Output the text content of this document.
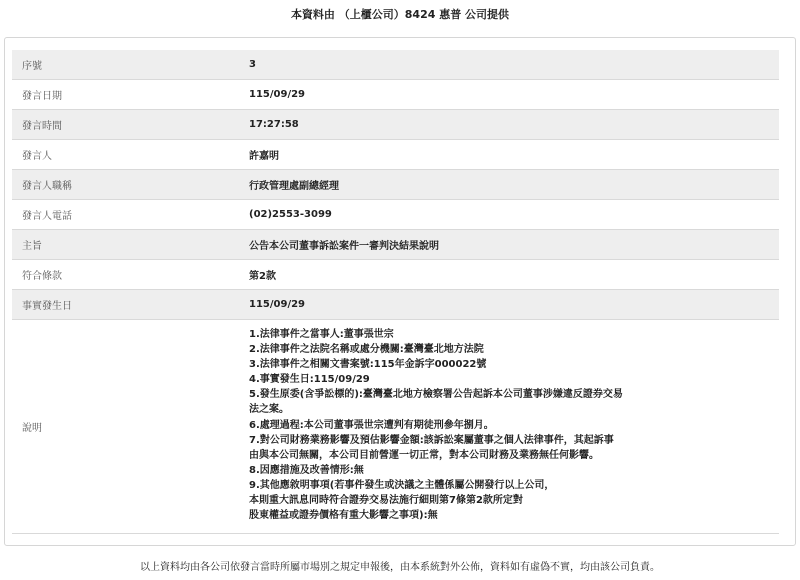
本資料由 （上櫃公司）8424 惠普 公司提供
序號	3
發言日期	115/09/29
發言時間	17:27:58
發言人	許嘉明
發言人職稱	行政管理處副總經理
發言人電話	(02)2553-3099
主旨	公告本公司董事訴訟案件一審判決結果說明
符合條款	第2款
事實發生日	115/09/29
說明
1.法律事件之當事人:董事張世宗
2.法律事件之法院名稱或處分機關:臺灣臺北地方法院
3.法律事件之相關文書案號:115年金訴字000022號
4.事實發生日:115/09/29
5.發生原委(含爭訟標的):臺灣臺北地方檢察署公告起訴本公司董事涉嫌違反證券交易
法之案。
6.處理過程:本公司董事張世宗遭判有期徒刑參年捌月。
7.對公司財務業務影響及預估影響金額:該訴訟案屬董事之個人法律事件，其起訴事
由與本公司無關，本公司目前營運一切正常，對本公司財務及業務無任何影響。
8.因應措施及改善情形:無
9.其他應敘明事項(若事件發生或決議之主體係屬公開發行以上公司，
本則重大訊息同時符合證券交易法施行細則第7條第2款所定對
股東權益或證券價格有重大影響之事項):無
以上資料均由各公司依發言當時所屬市場別之規定申報後，由本系統對外公佈，資料如有虛偽不實，均由該公司負責。
